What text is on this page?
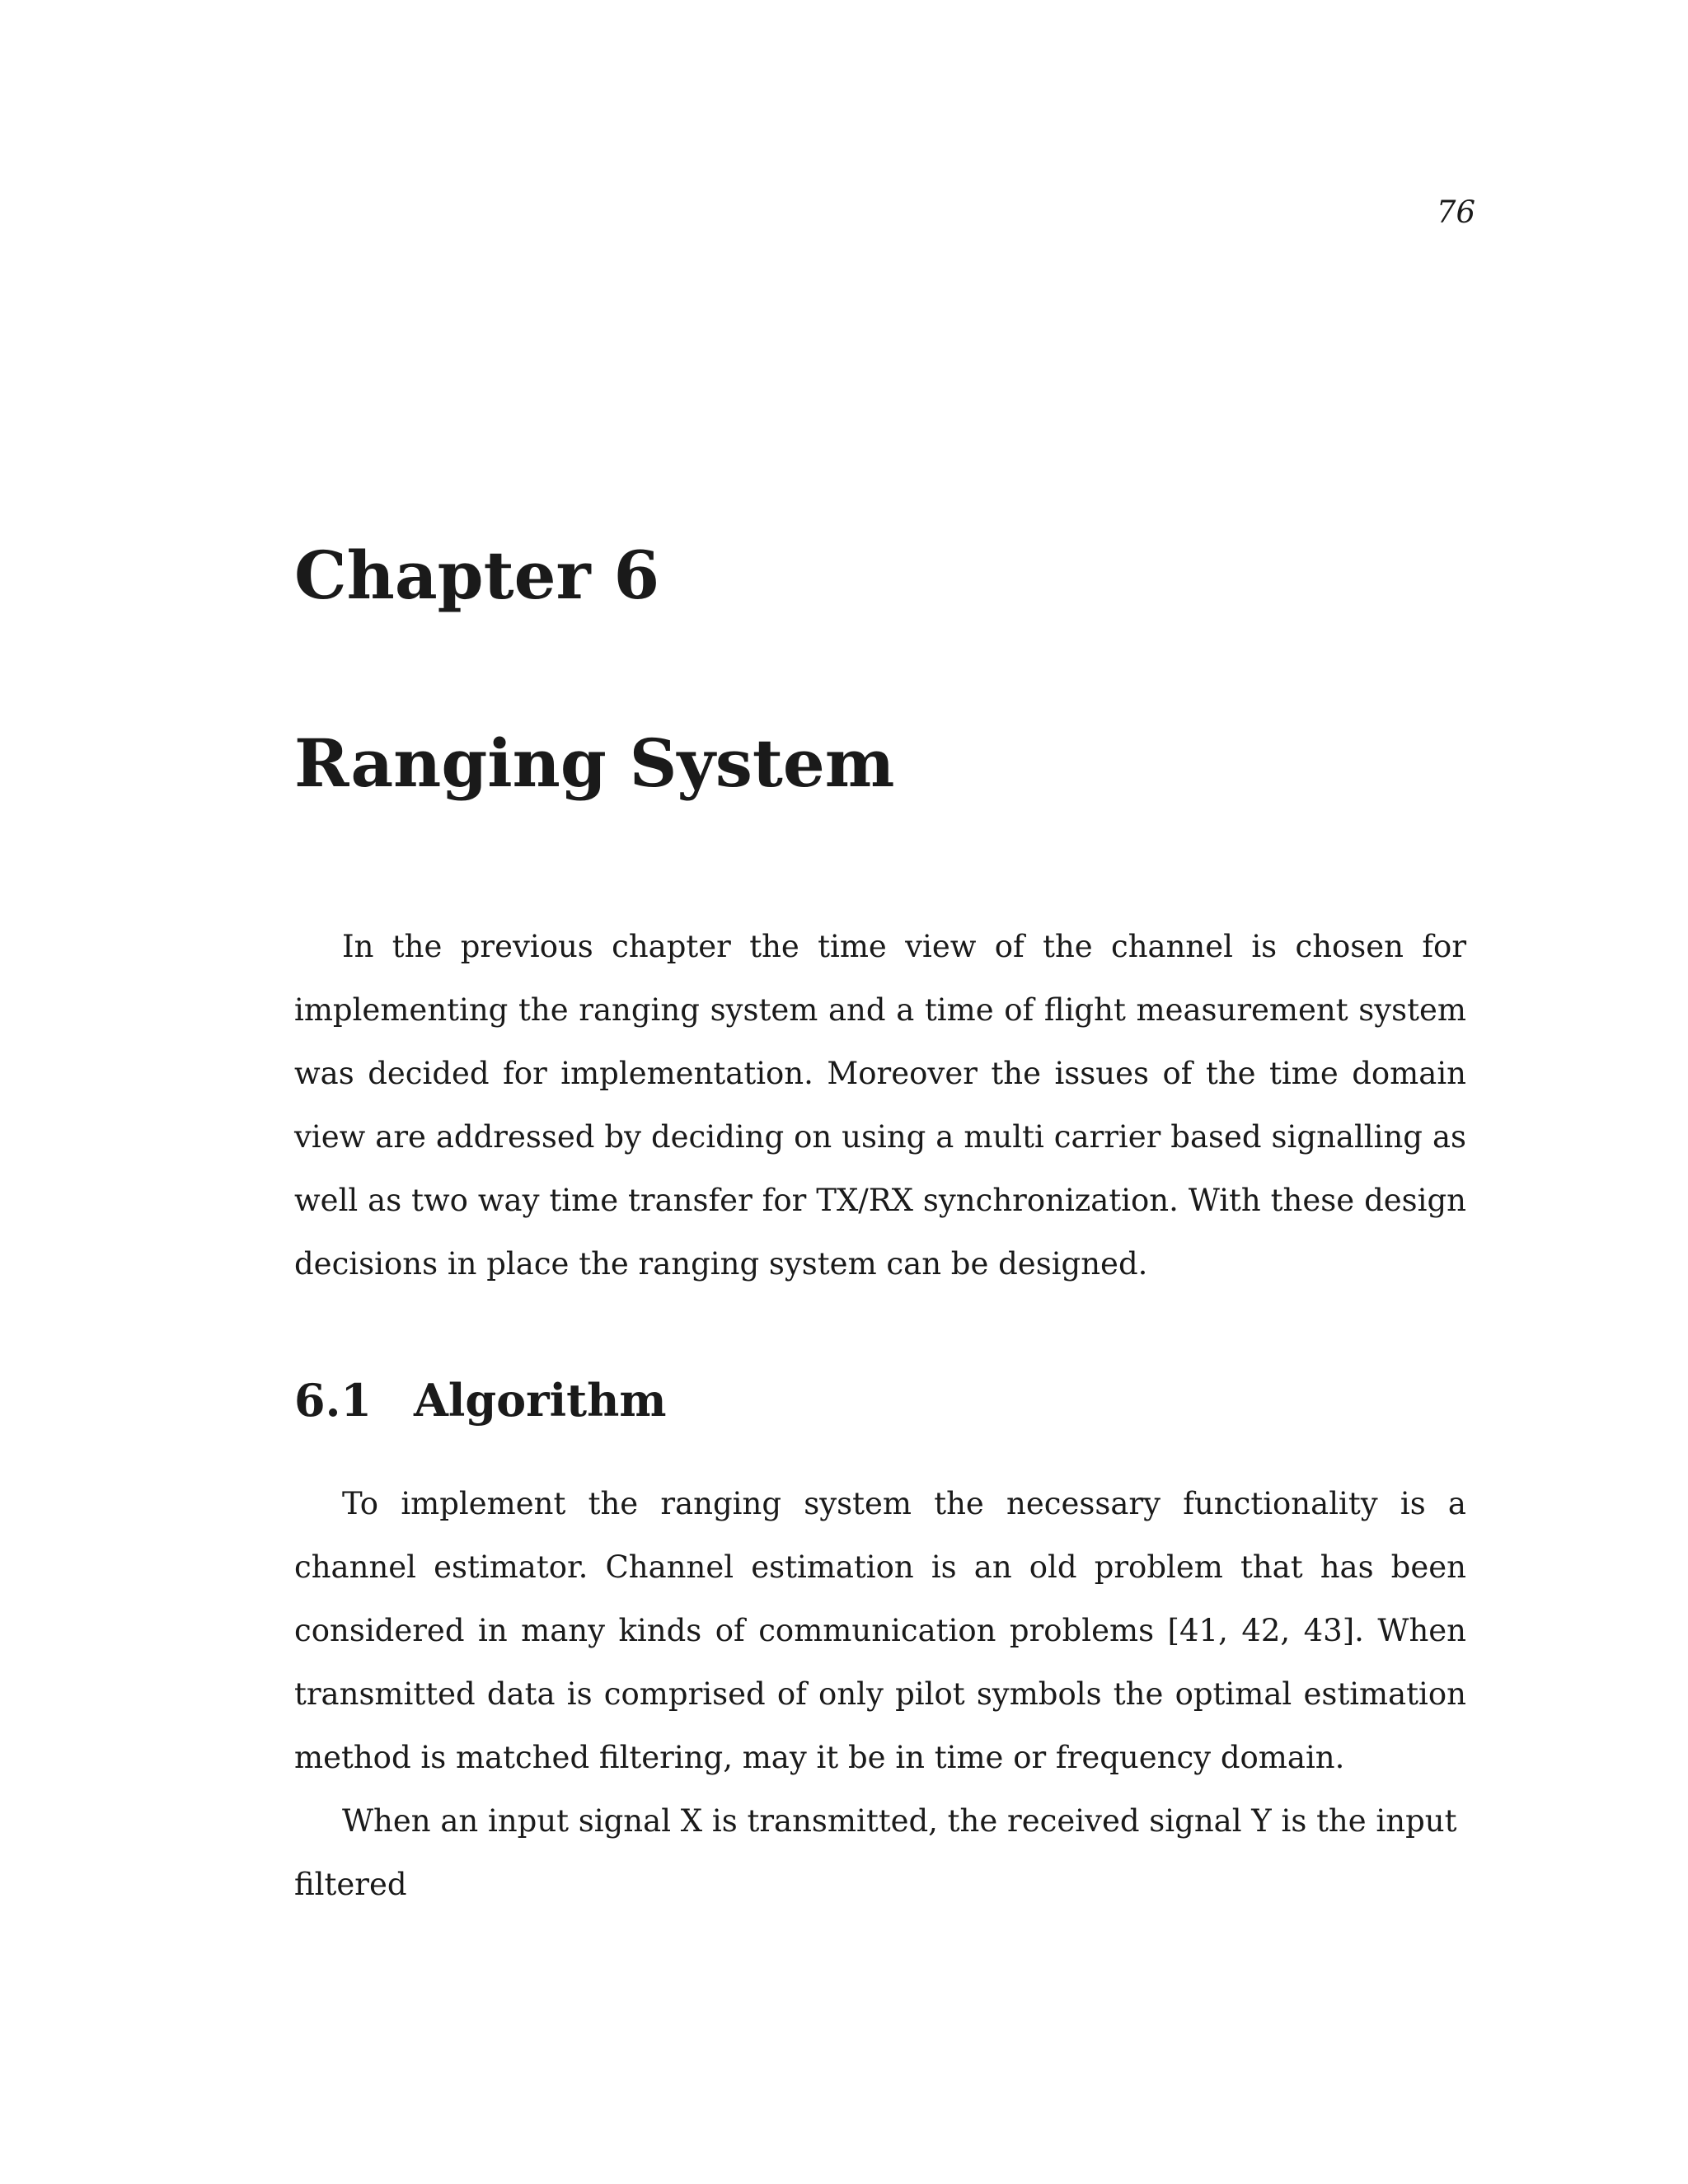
76
Chapter 6
Ranging System

In the previous chapter the time view of the channel is chosen for implementing the ranging system and a time of flight measurement system was decided for implementation. Moreover the issues of the time domain view are addressed by deciding on using a multi carrier based signalling as well as two way time transfer for TX/RX synchronization. With these design decisions in place the ranging system can be designed.

6.1 Algorithm

To implement the ranging system the necessary functionality is a channel estimator. Channel estimation is an old problem that has been considered in many kinds of communication problems [41, 42, 43]. When transmitted data is comprised of only pilot symbols the optimal estimation method is matched filtering, may it be in time or frequency domain.

When an input signal X is transmitted, the received signal Y is the input filtered
